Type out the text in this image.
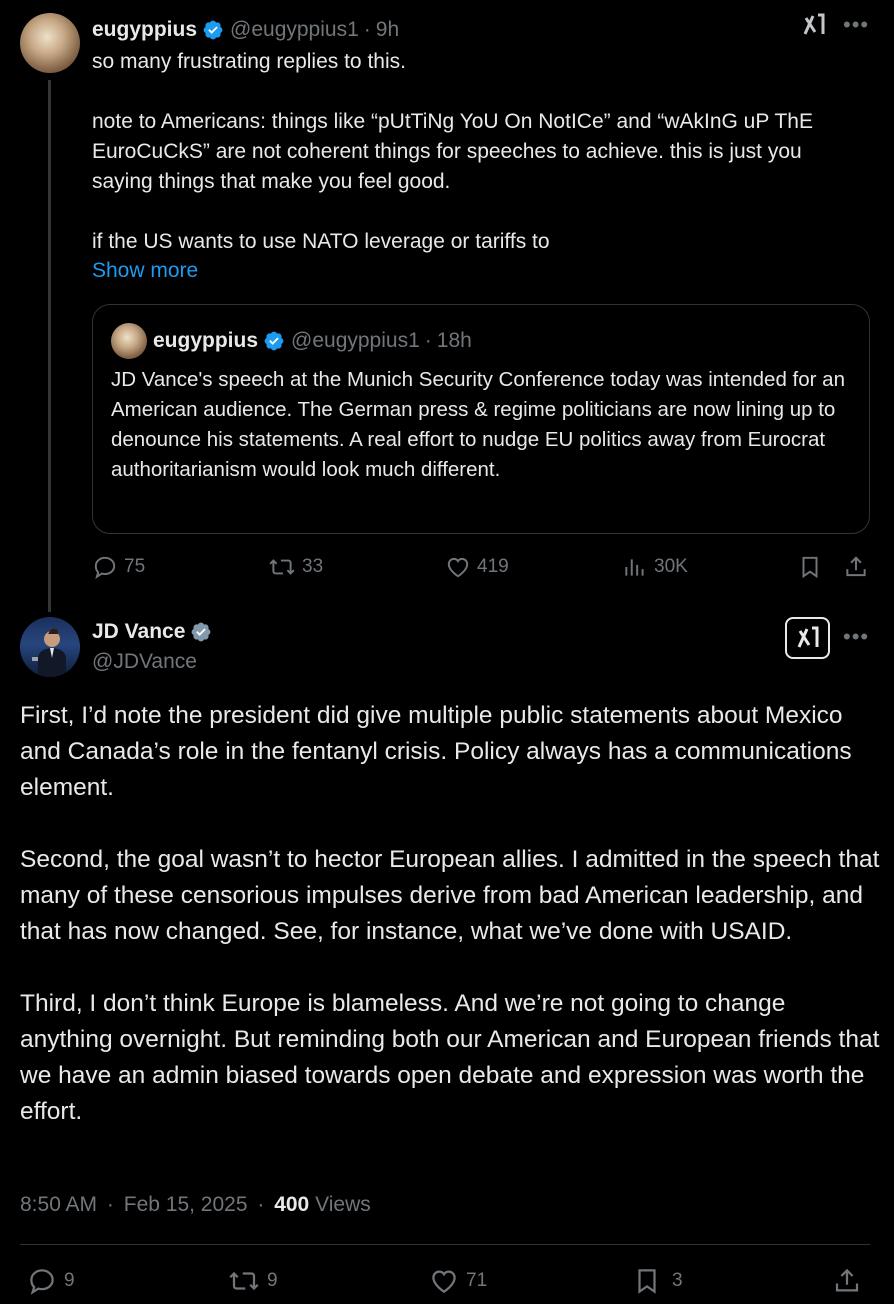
eugyppius @eugyppius1 · 9h	•••

so many frustrating replies to this.

note to Americans: things like “pUtTiNg YoU On NotICe” and “wAkInG uP ThE EuroCuCkS” are not coherent things for speeches to achieve. this is just you saying things that make you feel good.

if the US wants to use NATO leverage or tariffs to

Show more
eugyppius @eugyppius1 · 18h
JD Vance's speech at the Munich Security Conference today was intended for an American audience. The German press & regime politicians are now lining up to denounce his statements. A real effort to nudge EU politics away from Eurocrat authoritarianism would look much different.
75	33	419	30K
JD Vance
@JDVance
•••

First, I’d note the president did give multiple public statements about Mexico and Canada’s role in the fentanyl crisis. Policy always has a communications element.

Second, the goal wasn’t to hector European allies. I admitted in the speech that many of these censorious impulses derive from bad American leadership, and that has now changed. See, for instance, what we’ve done with USAID.

Third, I don’t think Europe is blameless. And we’re not going to change anything overnight. But reminding both our American and European friends that we have an admin biased towards open debate and expression was worth the effort.

8:50 AM · Feb 15, 2025 · 400 Views
9	9	71	3
